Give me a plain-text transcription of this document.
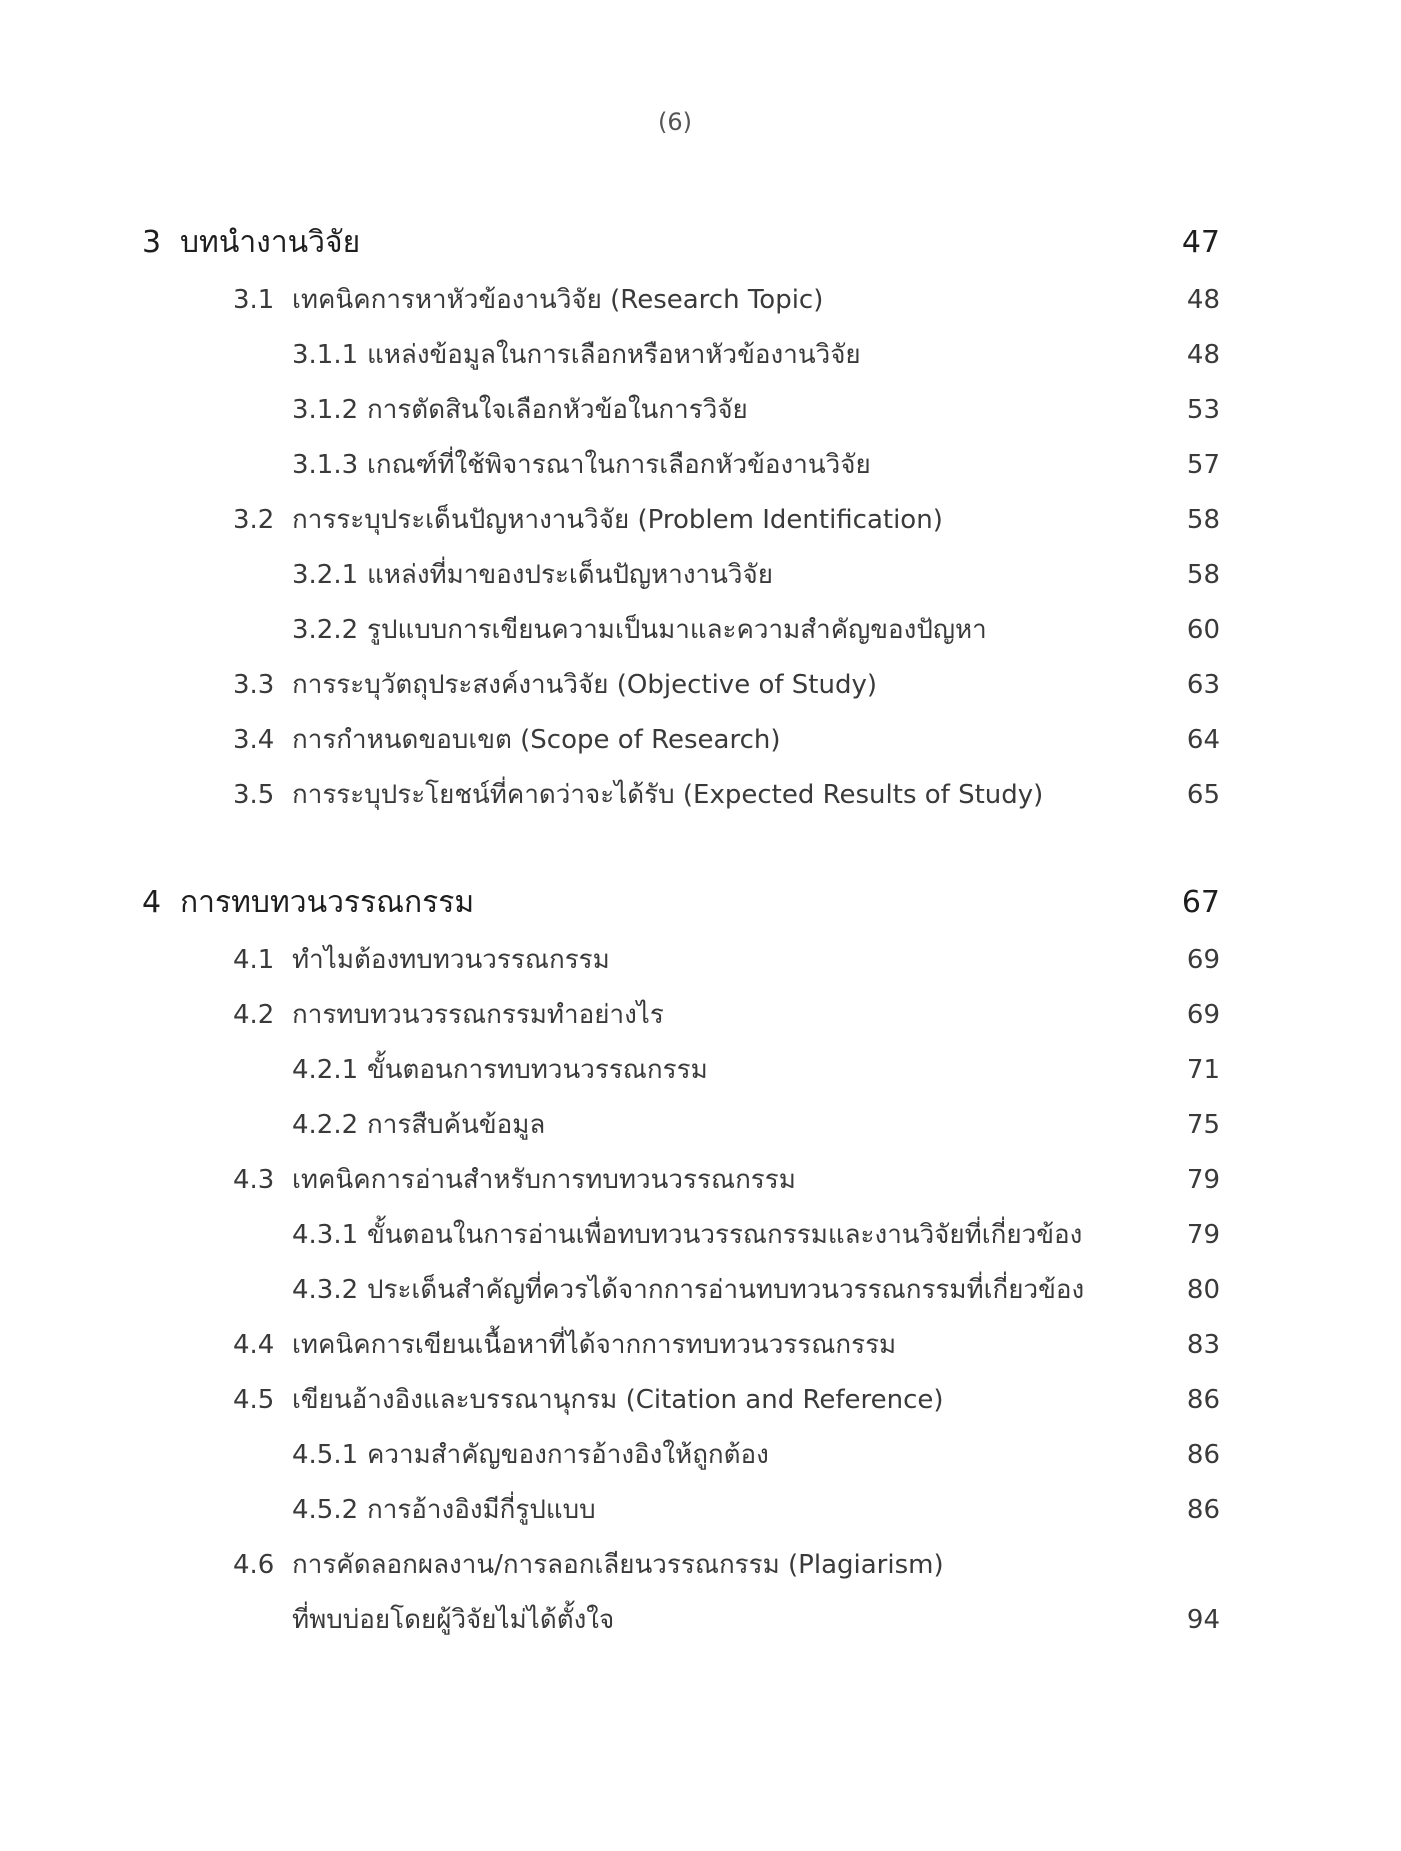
(6)
3 บทนำงานวิจัย	47
3.1 เทคนิคการหาหัวข้องานวิจัย (Research Topic)	48
3.1.1 แหล่งข้อมูลในการเลือกหรือหาหัวข้องานวิจัย	48
3.1.2 การตัดสินใจเลือกหัวข้อในการวิจัย	53
3.1.3 เกณฑ์ที่ใช้พิจารณาในการเลือกหัวข้องานวิจัย	57
3.2 การระบุประเด็นปัญหางานวิจัย (Problem Identification)	58
3.2.1 แหล่งที่มาของประเด็นปัญหางานวิจัย	58
3.2.2 รูปแบบการเขียนความเป็นมาและความสำคัญของปัญหา	60
3.3 การระบุวัตถุประสงค์งานวิจัย (Objective of Study)	63
3.4 การกำหนดขอบเขต (Scope of Research)	64
3.5 การระบุประโยชน์ที่คาดว่าจะได้รับ (Expected Results of Study)	65
4 การทบทวนวรรณกรรม	67
4.1 ทำไมต้องทบทวนวรรณกรรม	69
4.2 การทบทวนวรรณกรรมทำอย่างไร	69
4.2.1 ขั้นตอนการทบทวนวรรณกรรม	71
4.2.2 การสืบค้นข้อมูล	75
4.3 เทคนิคการอ่านสำหรับการทบทวนวรรณกรรม	79
4.3.1 ขั้นตอนในการอ่านเพื่อทบทวนวรรณกรรมและงานวิจัยที่เกี่ยวข้อง	79
4.3.2 ประเด็นสำคัญที่ควรได้จากการอ่านทบทวนวรรณกรรมที่เกี่ยวข้อง	80
4.4 เทคนิคการเขียนเนื้อหาที่ได้จากการทบทวนวรรณกรรม	83
4.5 เขียนอ้างอิงและบรรณานุกรม (Citation and Reference)	86
4.5.1 ความสำคัญของการอ้างอิงให้ถูกต้อง	86
4.5.2 การอ้างอิงมีกี่รูปแบบ	86
4.6 การคัดลอกผลงาน/การลอกเลียนวรรณกรรม (Plagiarism)
ที่พบบ่อยโดยผู้วิจัยไม่ได้ตั้งใจ	94
